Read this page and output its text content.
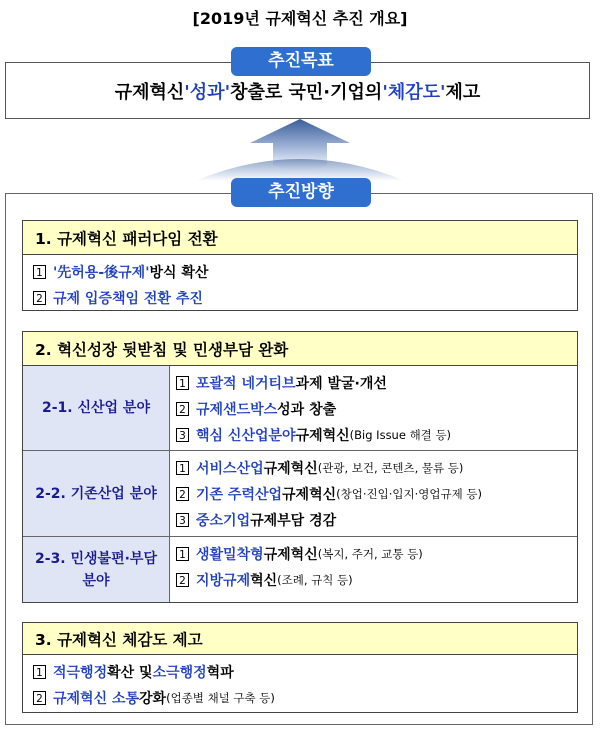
[2019년 규제혁신 추진 개요]
규제혁신 '성과' 창출로 국민·기업의 '체감도' 제고
추진목표
추진방향
1. 규제혁신 패러다임 전환
1 '先허용-後규제' 방식 확산
2 규제 입증책임 전환 추진
2. 혁신성장 뒷받침 및 민생부담 완화
2-1. 신산업 분야
1 포괄적 네거티브 과제 발굴·개선
2 규제샌드박스 성과 창출
3 핵심 신산업분야 규제혁신 (Big Issue 해결 등)
2-2. 기존산업 분야
1 서비스산업 규제혁신 (관광, 보건, 콘텐츠, 물류 등)
2 기존 주력산업 규제혁신 (창업·진입·입지·영업규제 등)
3 중소기업 규제부담 경감
2-3. 민생불편·부담
분야
1 생활밀착형 규제혁신 (복지, 주거, 교통 등)
2 지방규제 혁신 (조례, 규칙 등)
3. 규제혁신 체감도 제고
1 적극행정 확산 및 소극행정 혁파
2 규제혁신 소통 강화 (업종별 채널 구축 등)
